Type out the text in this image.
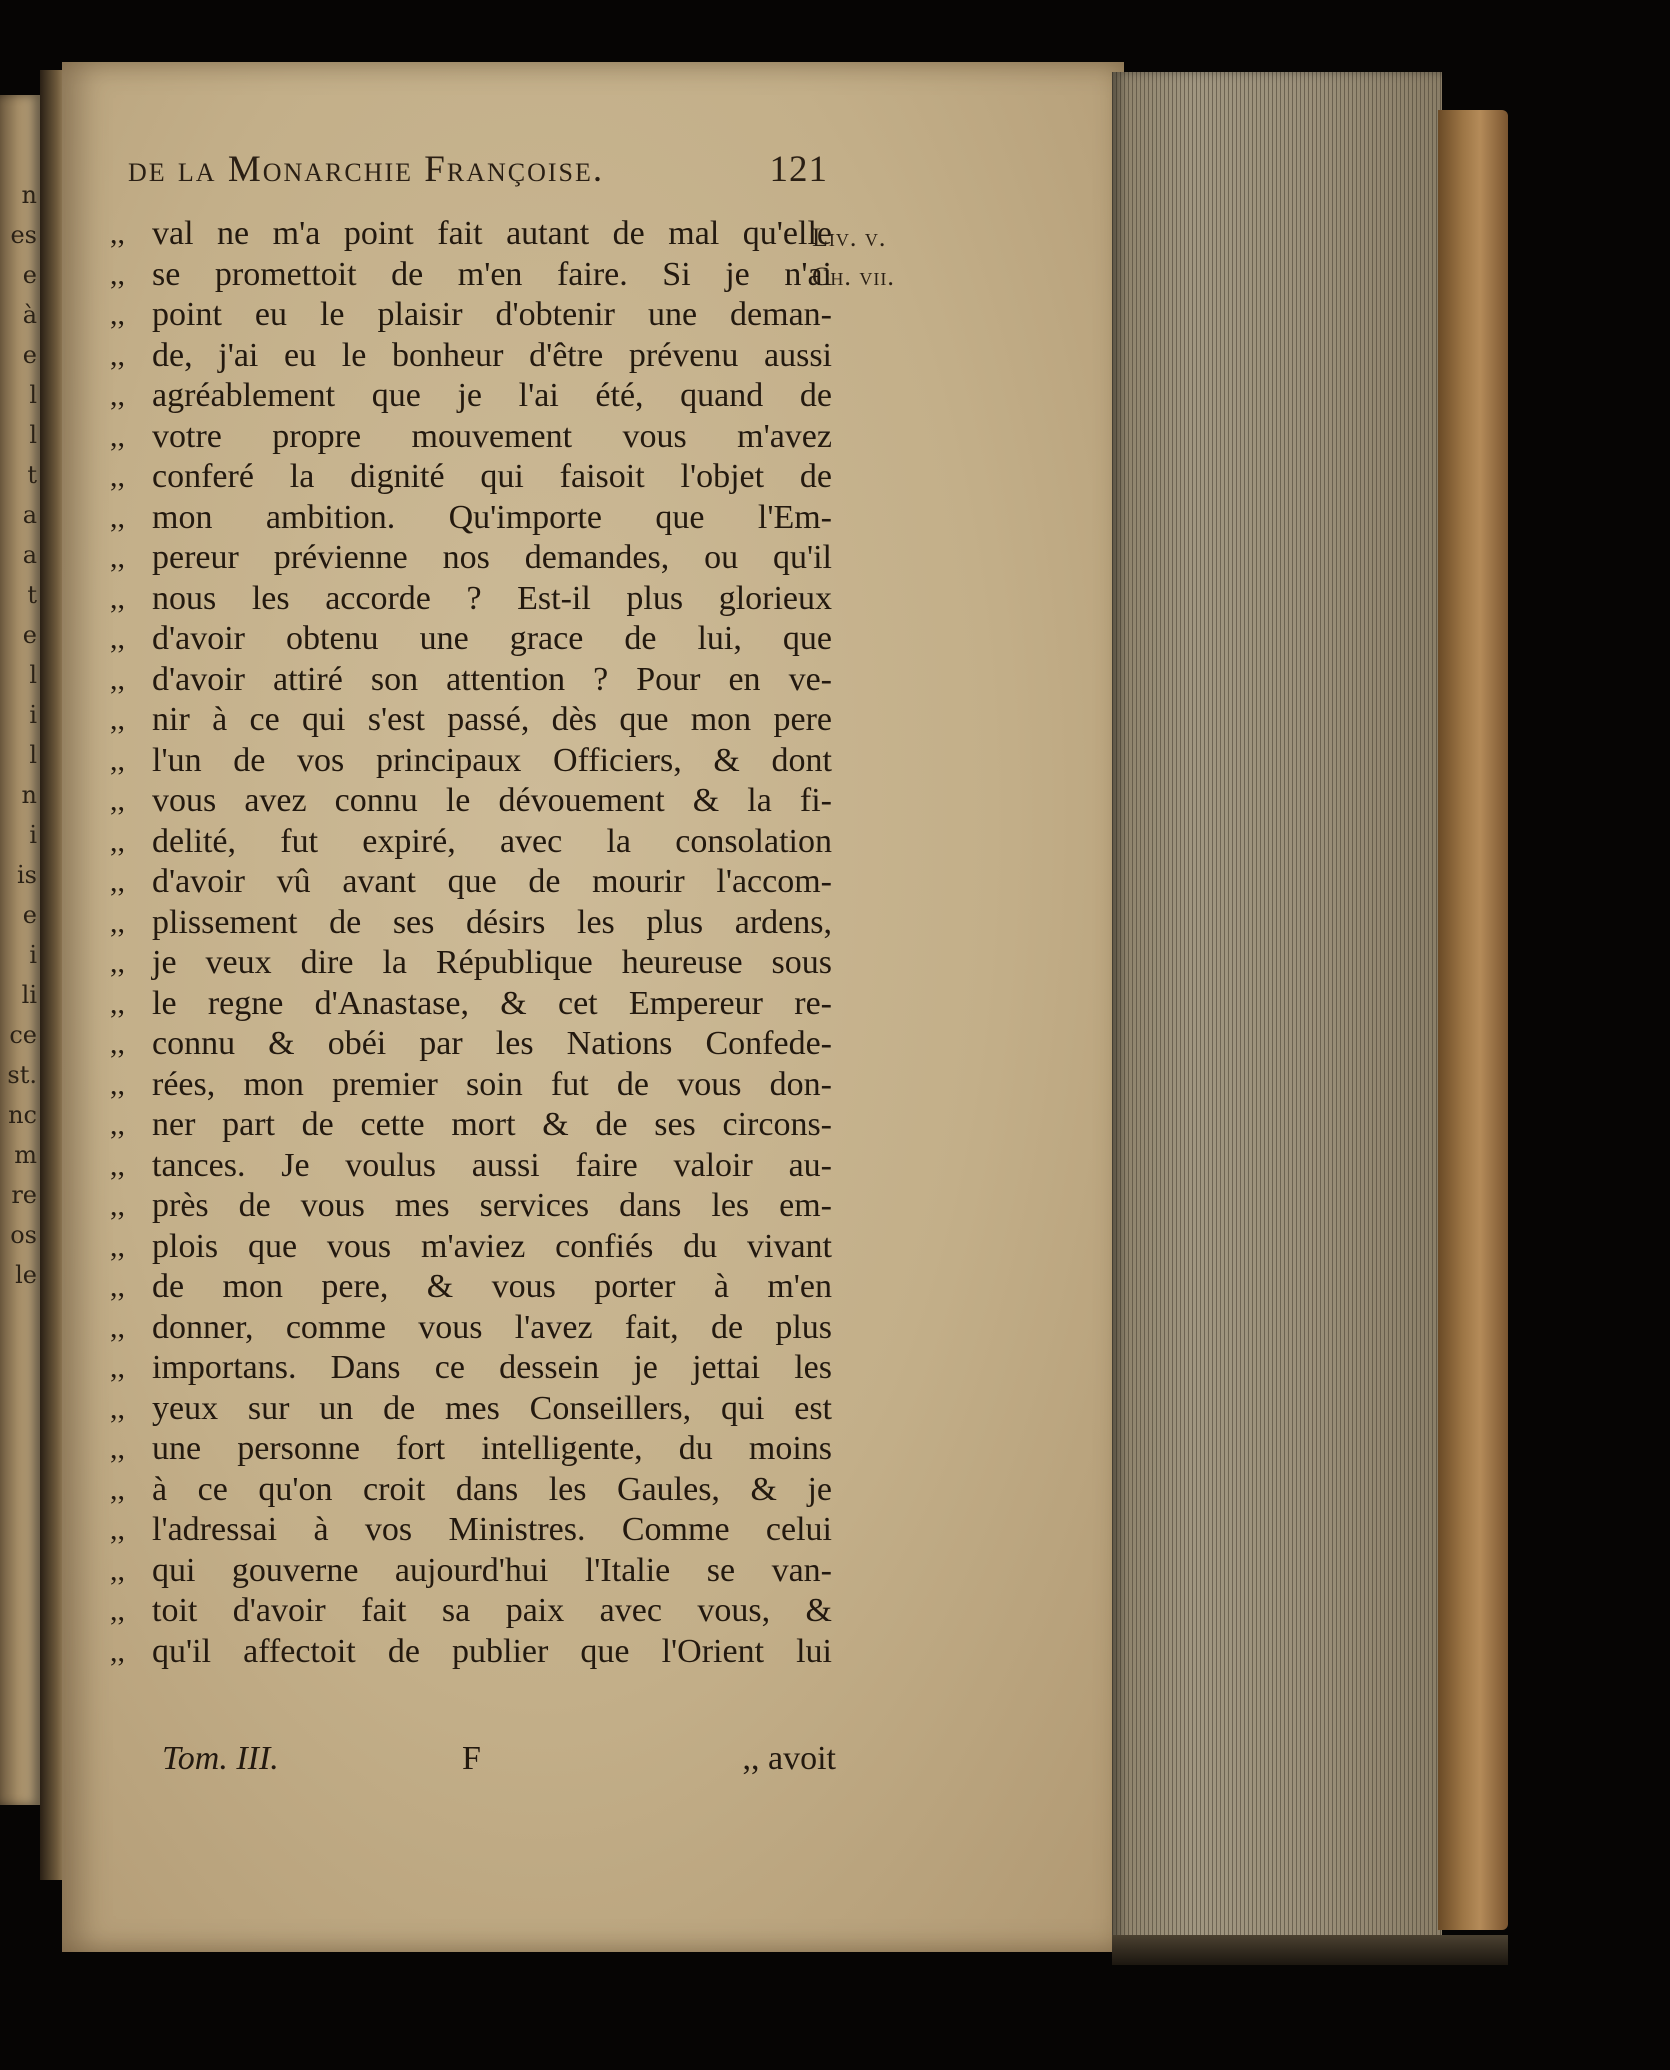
n
es
e
à
e
l
l
t
a
a
t
e
l
i
l
n
i
is
e
i
li
ce
st.
nc
m
re
os
le
de la Monarchie Françoise.	121
Liv. v.
Ch. vii.
,, val ne m'a point fait autant de mal qu'elle
,, se promettoit de m'en faire. Si je n'ai
,, point eu le plaisir d'obtenir une deman-
,, de, j'ai eu le bonheur d'être prévenu aussi
,, agréablement que je l'ai été, quand de
,, votre propre mouvement vous m'avez
,, conferé la dignité qui faisoit l'objet de
,, mon ambition. Qu'importe que l'Em-
,, pereur prévienne nos demandes, ou qu'il
,, nous les accorde ? Est-il plus glorieux
,, d'avoir obtenu une grace de lui, que
,, d'avoir attiré son attention ? Pour en ve-
,, nir à ce qui s'est passé, dès que mon pere
,, l'un de vos principaux Officiers, & dont
,, vous avez connu le dévouement & la fi-
,, delité, fut expiré, avec la consolation
,, d'avoir vû avant que de mourir l'accom-
,, plissement de ses désirs les plus ardens,
,, je veux dire la République heureuse sous
,, le regne d'Anastase, & cet Empereur re-
,, connu & obéi par les Nations Confede-
,, rées, mon premier soin fut de vous don-
,, ner part de cette mort & de ses circons-
,, tances. Je voulus aussi faire valoir au-
,, près de vous mes services dans les em-
,, plois que vous m'aviez confiés du vivant
,, de mon pere, & vous porter à m'en
,, donner, comme vous l'avez fait, de plus
,, importans. Dans ce dessein je jettai les
,, yeux sur un de mes Conseillers, qui est
,, une personne fort intelligente, du moins
,, à ce qu'on croit dans les Gaules, & je
,, l'adressai à vos Ministres. Comme celui
,, qui gouverne aujourd'hui l'Italie se van-
,, toit d'avoir fait sa paix avec vous, &
,, qu'il affectoit de publier que l'Orient lui
Tom. III.	F	,, avoit
